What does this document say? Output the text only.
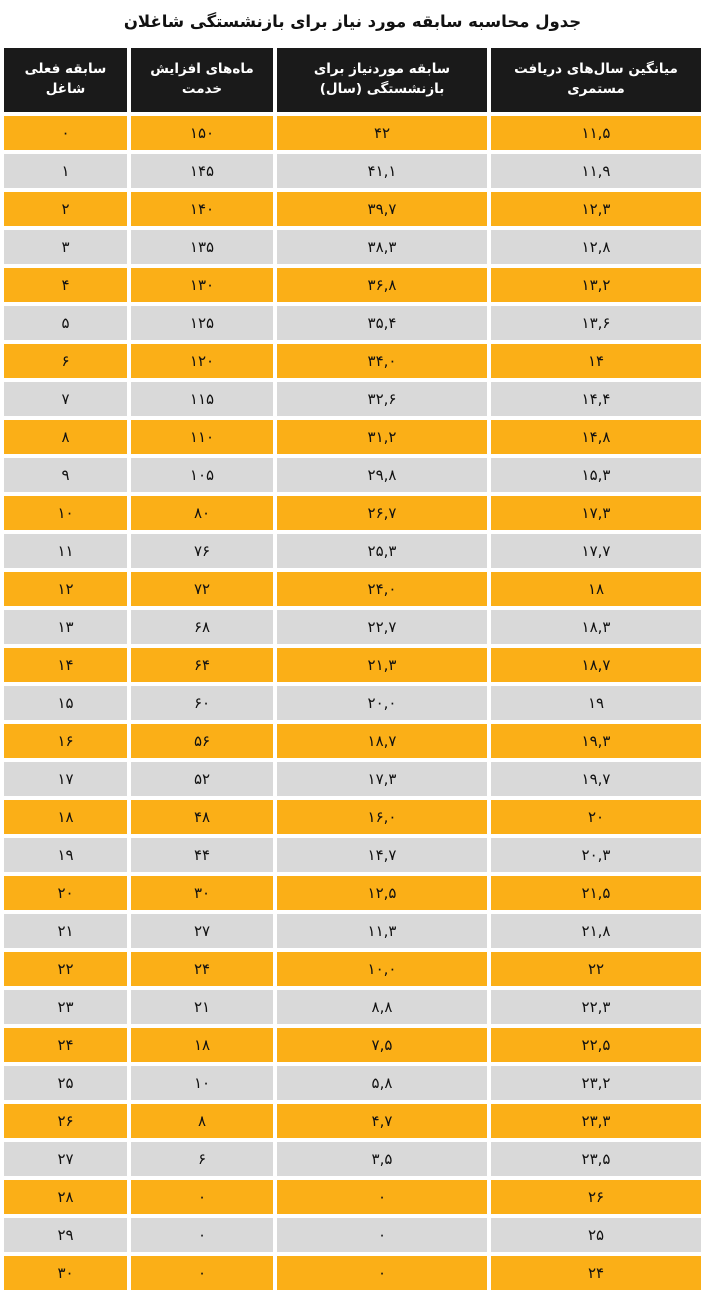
جدول محاسبه سابقه مورد نیاز برای بازنشستگی شاغلان
میانگین سال‌های دریافت مستمری	سابقه موردنیاز برای بازنشستگی (سال)	ماه‌های افزایش خدمت	سابقه فعلی شاغل

۱۱,۵	۴۲	۱۵۰	۰

۱۱,۹	۴۱,۱	۱۴۵	۱

۱۲,۳	۳۹,۷	۱۴۰	۲

۱۲,۸	۳۸,۳	۱۳۵	۳

۱۳,۲	۳۶,۸	۱۳۰	۴

۱۳,۶	۳۵,۴	۱۲۵	۵

۱۴	۳۴,۰	۱۲۰	۶

۱۴,۴	۳۲,۶	۱۱۵	۷

۱۴,۸	۳۱,۲	۱۱۰	۸

۱۵,۳	۲۹,۸	۱۰۵	۹

۱۷,۳	۲۶,۷	۸۰	۱۰

۱۷,۷	۲۵,۳	۷۶	۱۱

۱۸	۲۴,۰	۷۲	۱۲

۱۸,۳	۲۲,۷	۶۸	۱۳

۱۸,۷	۲۱,۳	۶۴	۱۴

۱۹	۲۰,۰	۶۰	۱۵

۱۹,۳	۱۸,۷	۵۶	۱۶

۱۹,۷	۱۷,۳	۵۲	۱۷

۲۰	۱۶,۰	۴۸	۱۸

۲۰,۳	۱۴,۷	۴۴	۱۹

۲۱,۵	۱۲,۵	۳۰	۲۰

۲۱,۸	۱۱,۳	۲۷	۲۱

۲۲	۱۰,۰	۲۴	۲۲

۲۲,۳	۸,۸	۲۱	۲۳

۲۲,۵	۷,۵	۱۸	۲۴

۲۳,۲	۵,۸	۱۰	۲۵

۲۳,۳	۴,۷	۸	۲۶

۲۳,۵	۳,۵	۶	۲۷

۲۶	۰	۰	۲۸

۲۵	۰	۰	۲۹

۲۴	۰	۰	۳۰
